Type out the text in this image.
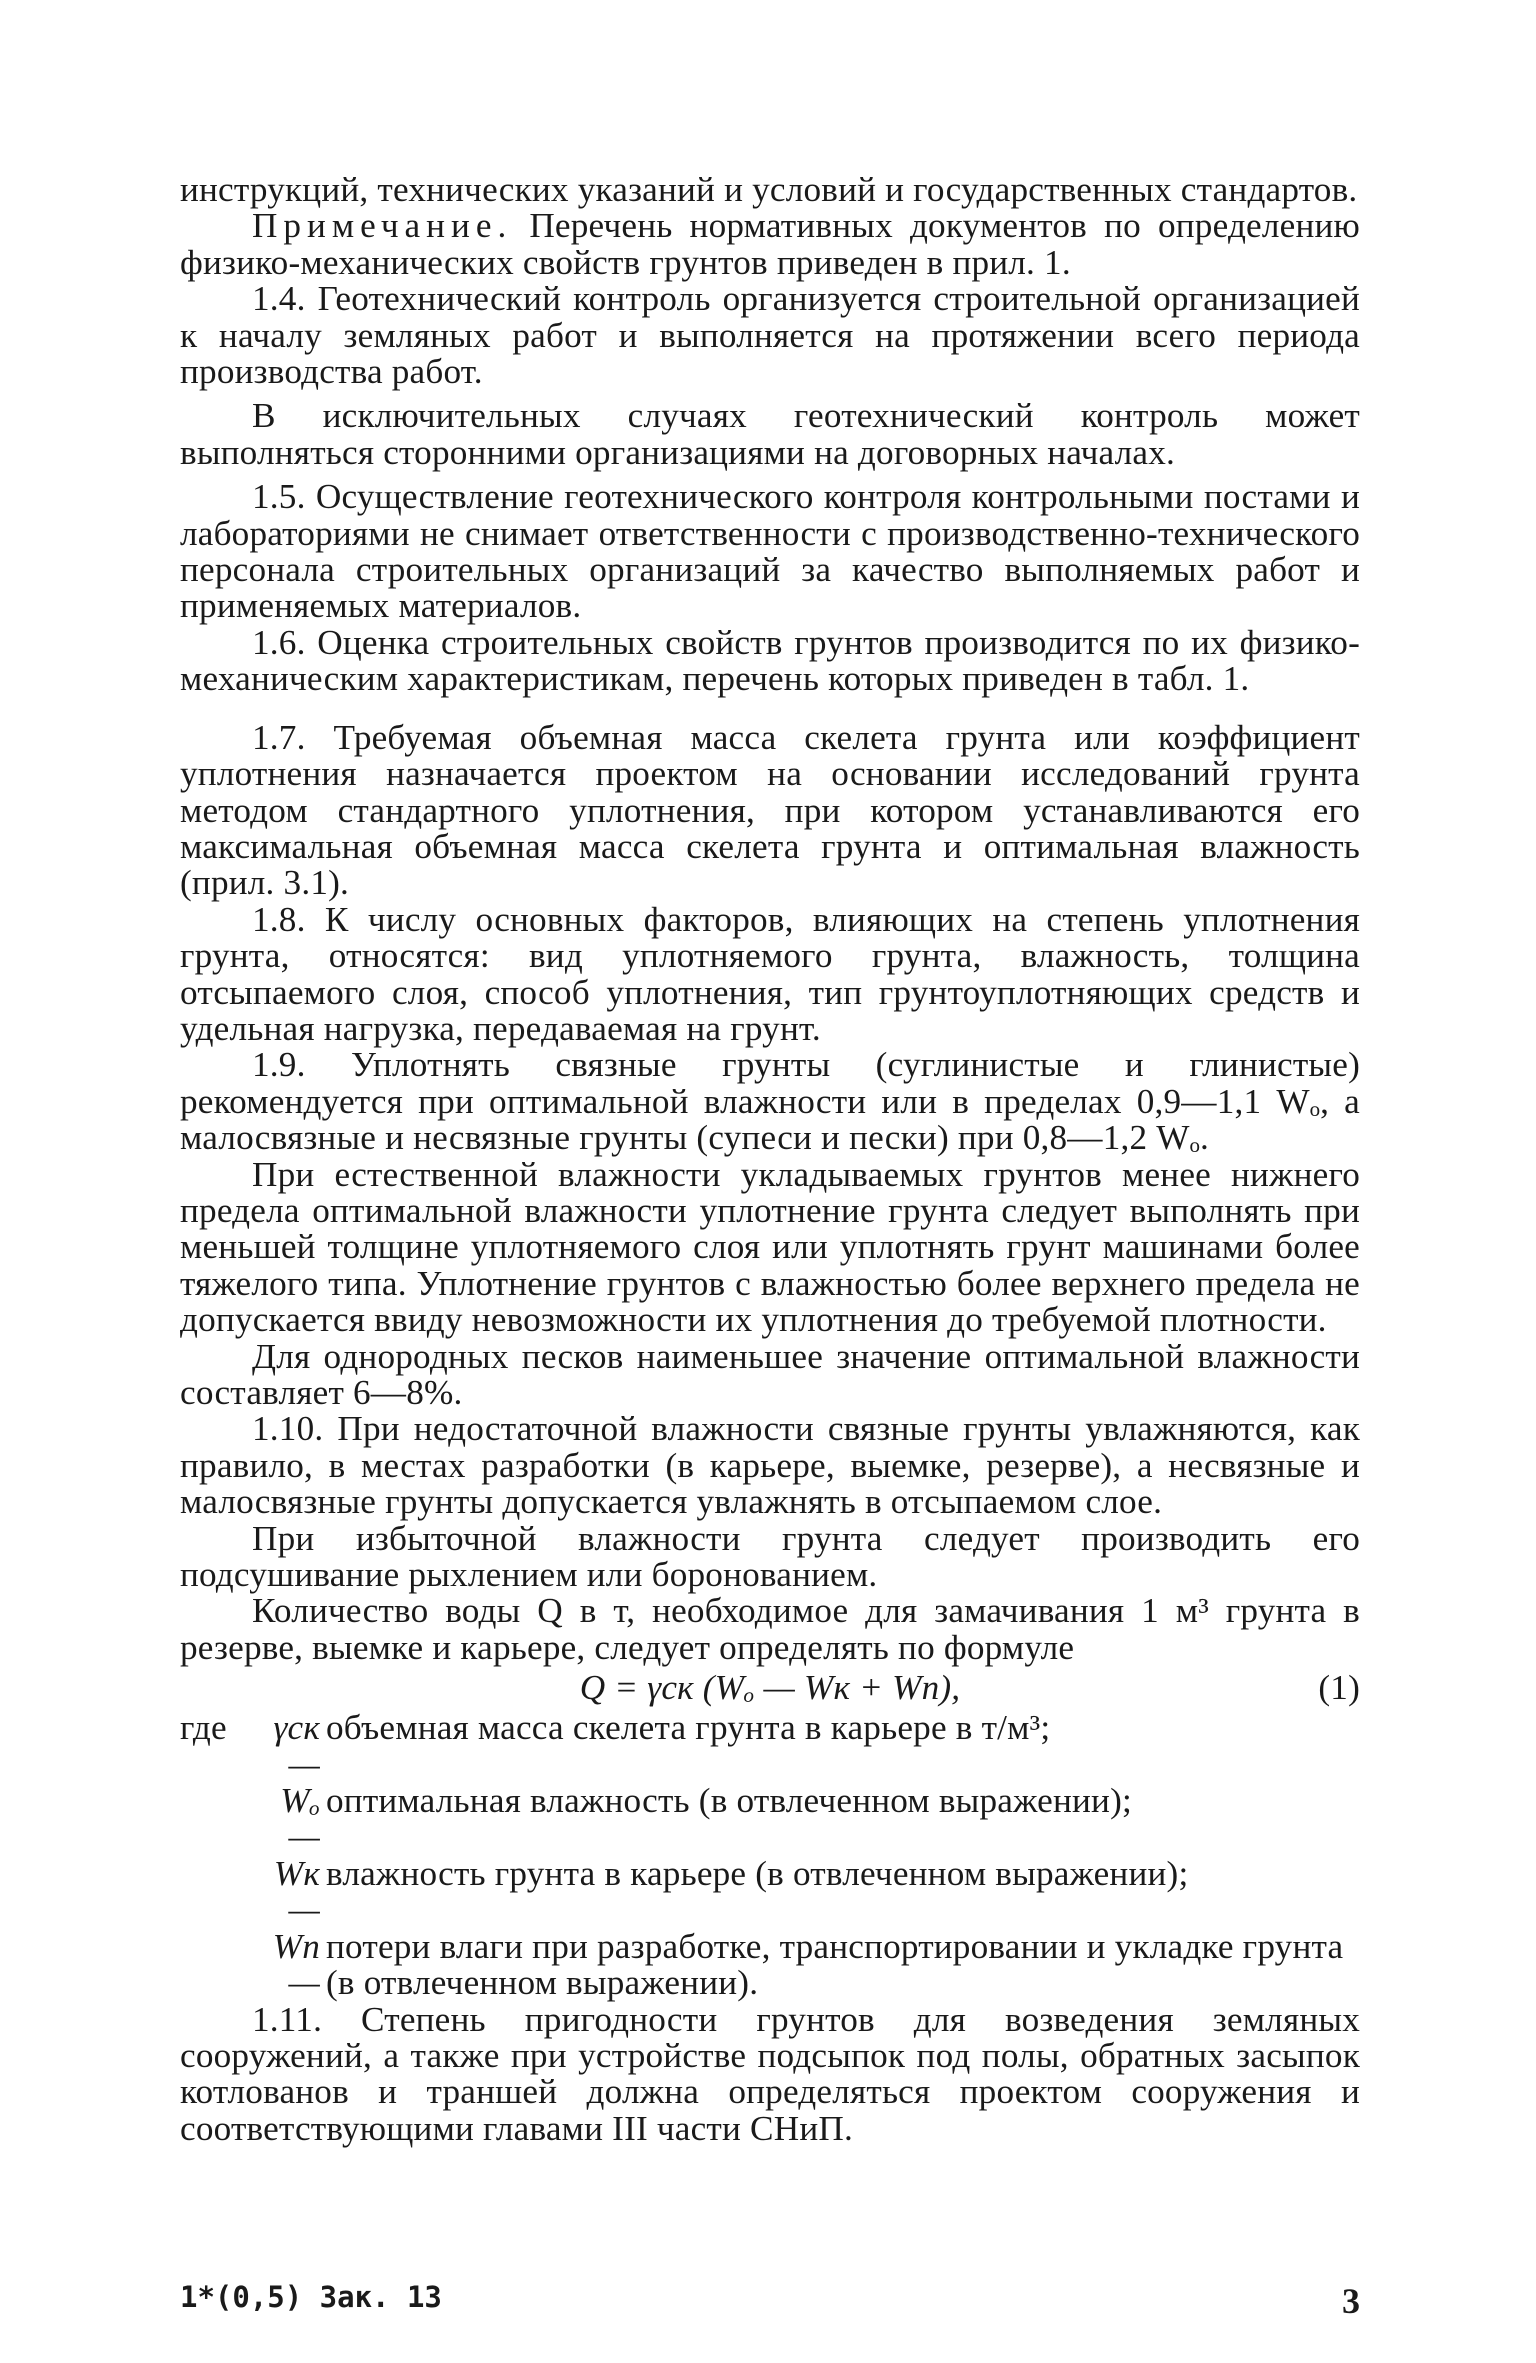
инструкций, технических указаний и условий и государственных стандартов.

Примечание. Перечень нормативных документов по определению физико-механических свойств грунтов приведен в прил. 1.

1.4. Геотехнический контроль организуется строительной организацией к началу земляных работ и выполняется на протяжении всего периода производства работ.

В исключительных случаях геотехнический контроль может выполняться сторонними организациями на договорных началах.

1.5. Осуществление геотехнического контроля контрольными постами и лабораториями не снимает ответственности с производственно-технического персонала строительных организаций за качество выполняемых работ и применяемых материалов.

1.6. Оценка строительных свойств грунтов производится по их физико-механическим характеристикам, перечень которых приведен в табл. 1.

1.7. Требуемая объемная масса скелета грунта или коэффициент уплотнения назначается проектом на основании исследований грунта методом стандартного уплотнения, при котором устанавливаются его максимальная объемная масса скелета грунта и оптимальная влажность (прил. 3.1).

1.8. К числу основных факторов, влияющих на степень уплотнения грунта, относятся: вид уплотняемого грунта, влажность, толщина отсыпаемого слоя, способ уплотнения, тип грунтоуплотняющих средств и удельная нагрузка, передаваемая на грунт.

1.9. Уплотнять связные грунты (суглинистые и глинистые) рекомендуется при оптимальной влажности или в пределах 0,9—1,1 Wₒ, а малосвязные и несвязные грунты (супеси и пески) при 0,8—1,2 Wₒ.

При естественной влажности укладываемых грунтов менее нижнего предела оптимальной влажности уплотнение грунта следует выполнять при меньшей толщине уплотняемого слоя или уплотнять грунт машинами более тяжелого типа. Уплотнение грунтов с влажностью более верхнего предела не допускается ввиду невозможности их уплотнения до требуемой плотности.

Для однородных песков наименьшее значение оптимальной влажности составляет 6—8%.

1.10. При недостаточной влажности связные грунты увлажняются, как правило, в местах разработки (в карьере, выемке, резерве), а несвязные и малосвязные грунты допускается увлажнять в отсыпаемом слое.

При избыточной влажности грунта следует производить его подсушивание рыхлением или боронованием.

Количество воды Q в т, необходимое для замачивания 1 м³ грунта в резерве, выемке и карьере, следует определять по формуле

Q = γск (Wₒ — Wк + Wп),	(1)
где	γск —
объемная масса скелета грунта в карьере в т/м³;
Wₒ —
оптимальная влажность (в отвлеченном выражении);
Wк —
влажность грунта в карьере (в отвлеченном выражении);
Wп —
потери влаги при разработке, транспортировании и укладке грунта (в отвлеченном выражении).

1.11. Степень пригодности грунтов для возведения земляных сооружений, а также при устройстве подсыпок под полы, обратных засыпок котлованов и траншей должна определяться проектом сооружения и соответствующими главами III части СНиП.

1*(0,5) Зак. 13	3
